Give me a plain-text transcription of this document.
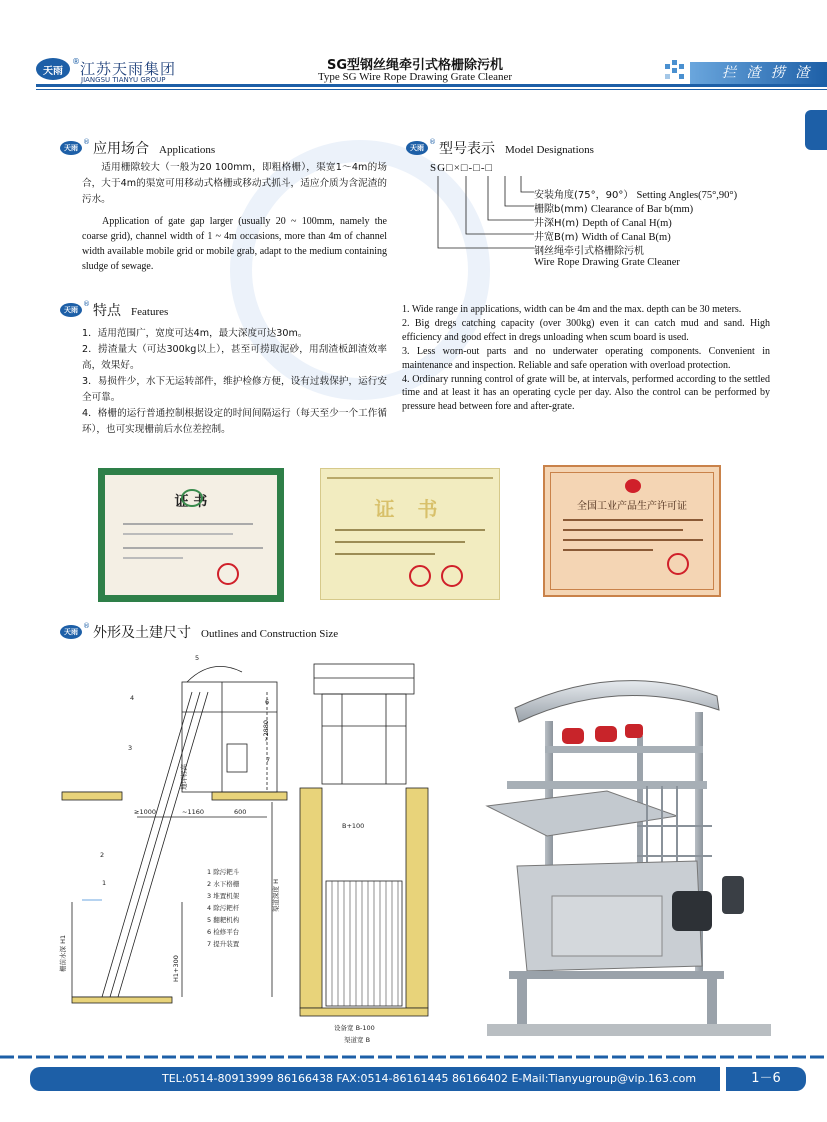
天雨
® 江苏天雨集团
JIANGSU TIANYU GROUP
SG型钢丝绳牵引式格栅除污机
Type SG Wire Rope Drawing Grate Cleaner	拦 渣 捞 渣
天雨
® 应用场合 Applications
适用栅隙较大（一般为20 100mm，即粗格栅），渠宽1～4m的场合，大于4m的渠宽可用移动式格栅或移动式抓斗，适应介质为含泥渣的污水。
Application of gate gap larger (usually 20 ~ 100mm, namely the coarse grid), channel width of 1 ~ 4m occasions, more than 4m of channel width available mobile grid or mobile grab, adapt to the medium containing sludge of sewage.
天雨
® 型号表示 Model Designations
SG□×□-□-□
安装角度(75°，90°） Setting Angles(75°,90°)
栅隙b(mm) Clearance of Bar b(mm)
井深H(m) Depth of Canal H(m)
井宽B(m) Width of Canal B(m)
钢丝绳牵引式格栅除污机
Wire Rope Drawing Grate Cleaner
天雨
® 特点 Features
1．适用范围广，宽度可达4m，最大深度可达30m。
2．捞渣量大（可达300kg以上），甚至可捞取泥砂，用刮渣板卸渣效率高，效果好。
3．易损件少，水下无运转部件，维护检修方便，设有过载保护，运行安全可靠。
4．格栅的运行普通控制根据设定的时间间隔运行（每天至少一个工作循环），也可实现栅前后水位差控制。
1. Wide range in applications, width can be 4m and the max. depth can be 30 meters.
2. Big dregs catching capacity (over 300kg) even it can catch mud and sand. High efficiency and good effect in dregs unloading when scum board is used.
3. Less worn-out parts and no underwater operating components. Convenient in maintenance and inspection. Reliable and safe operation with overload protection.
4. Ordinary running control of grate will be, at intervals, performed according to the settled time and at least it has an operating cycle per day. Also the control can be performed by pressure head between fore and after-grate.
证 书	证 书	全国工业产品生产许可证
天雨
® 外形及土建尺寸 Outlines and Construction Size
≥1000	~1160	600
~2880
5
4
3
2
1
6
7
栅前水深 H1	H1+300
渠道深度 H
地坪标高
1 除污耙斗
2 水下格栅
3 堆置机架
4 除污耙杆
5 翻耙机构
6 检修平台
7 提升装置
B+100
设备宽 B-100
渠道宽 B
TEL:0514-80913999 86166438 FAX:0514-86161445 86166402 E-Mail:Tianyugroup@vip.163.com	1－6
